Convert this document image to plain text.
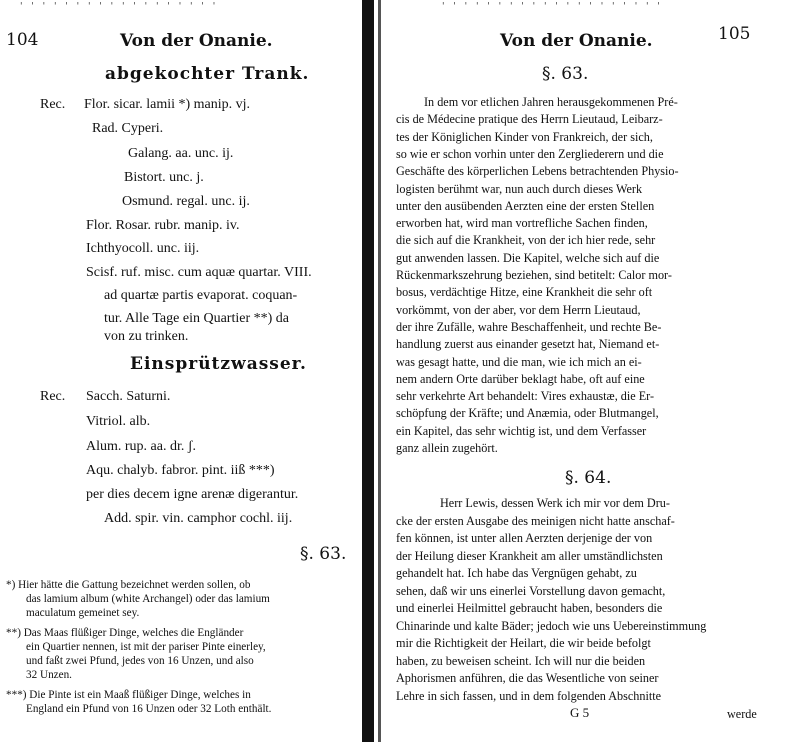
' ' ' ' ' ' ' ' ' ' ' ' ' ' ' ' ' '
104	Von der Onanie.
abgekochter Trank.
Rec. Flor. sicar. lamii *) manip. vj.
Rad. Cyperi.
Galang. aa. unc. ij.
Bistort. unc. j.
Osmund. regal. unc. ij.
Flor. Rosar. rubr. manip. iv.
Ichthyocoll. unc. iij.
Scisf. ruf. misc. cum aquæ quartar. VIII.
ad quartæ partis evaporat. coquan-
tur. Alle Tage ein Quartier **) da
von zu trinken.
Einsprützwasser.
Rec. Sacch. Saturni.
Vitriol. alb.
Alum. rup. aa. dr. ʃ.
Aqu. chalyb. fabror. pint. iiß ***)
per dies decem igne arenæ digerantur.
Add. spir. vin. camphor cochl. iij.
§. 63.
*) Hier hätte die Gattung bezeichnet werden sollen, ob
das lamium album (white Archangel) oder das lamium
maculatum gemeinet sey.
**) Das Maas flüßiger Dinge, welches die Engländer
ein Quartier nennen, ist mit der pariser Pinte einerley,
und faßt zwei Pfund, jedes von 16 Unzen, und also
32 Unzen.
***) Die Pinte ist ein Maaß flüßiger Dinge, welches in
England ein Pfund von 16 Unzen oder 32 Loth enthält.
' ' ' ' ' ' ' ' ' ' ' ' ' ' ' ' ' ' ' '
Von der Onanie.	105
§. 63.
In dem vor etlichen Jahren herausgekommenen Pré-
cis de Médecine pratique des Herrn Lieutaud, Leibarz-
tes der Königlichen Kinder von Frankreich, der sich,
so wie er schon vorhin unter den Zergliederern und die
Geschäfte des körperlichen Lebens betrachtenden Physio-
logisten berühmt war, nun auch durch dieses Werk
unter den ausübenden Aerzten eine der ersten Stellen
erworben hat, wird man vortrefliche Sachen finden,
die sich auf die Krankheit, von der ich hier rede, sehr
gut anwenden lassen. Die Kapitel, welche sich auf die
Rückenmarkszehrung beziehen, sind betitelt: Calor mor-
bosus, verdächtige Hitze, eine Krankheit die sehr oft
vorkömmt, von der aber, vor dem Herrn Lieutaud,
der ihre Zufälle, wahre Beschaffenheit, und rechte Be-
handlung zuerst aus einander gesetzt hat, Niemand et-
was gesagt hatte, und die man, wie ich mich an ei-
nem andern Orte darüber beklagt habe, oft auf eine
sehr verkehrte Art behandelt: Vires exhaustæ, die Er-
schöpfung der Kräfte; und Anæmia, oder Blutmangel,
ein Kapitel, das sehr wichtig ist, und dem Verfasser
ganz allein zugehört.
§. 64.
Herr Lewis, dessen Werk ich mir vor dem Dru-
cke der ersten Ausgabe des meinigen nicht hatte anschaf-
fen können, ist unter allen Aerzten derjenige der von
der Heilung dieser Krankheit am aller umständlichsten
gehandelt hat. Ich habe das Vergnügen gehabt, zu
sehen, daß wir uns einerlei Vorstellung davon gemacht,
und einerlei Heilmittel gebraucht haben, besonders die
Chinarinde und kalte Bäder; jedoch wie uns Uebereinstimmung
mir die Richtigkeit der Heilart, die wir beide befolgt
haben, zu beweisen scheint. Ich will nur die beiden
Aphorismen anführen, die das Wesentliche von seiner
Lehre in sich fassen, und in dem folgenden Abschnitte
G 5	werde
